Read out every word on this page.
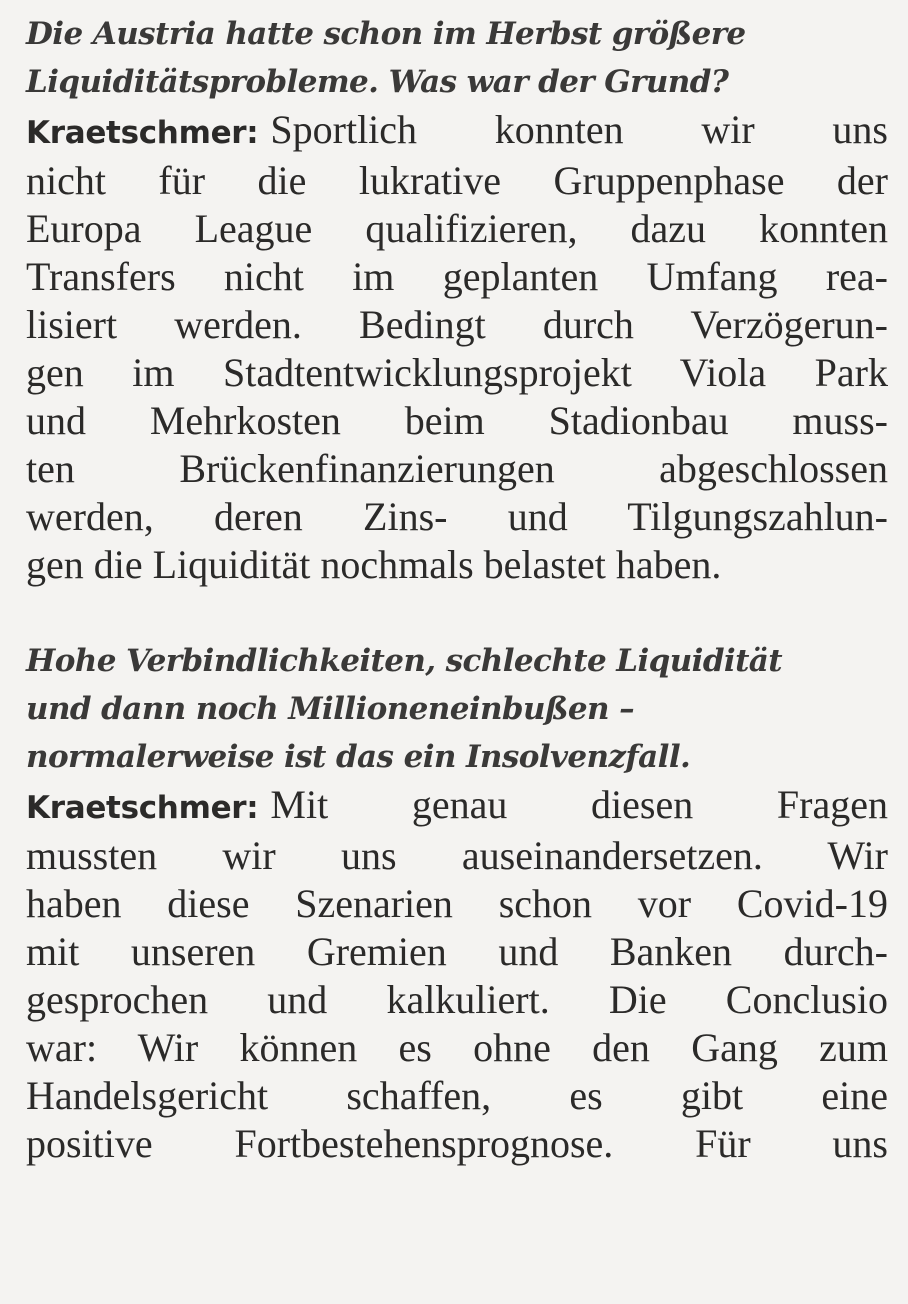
Die Austria hatte schon im Herbst größere
Liquiditätsprobleme. Was war der Grund?

Kraetschmer: Sportlich konnten wir uns
nicht für die lukrative Gruppenphase der
Europa League qualifizieren, dazu konnten
Transfers nicht im geplanten Umfang rea-
lisiert werden. Bedingt durch Verzögerun-
gen im Stadtentwicklungsprojekt Viola Park
und Mehrkosten beim Stadionbau muss-
ten Brückenfinanzierungen abgeschlossen
werden, deren Zins- und Tilgungszahlun-
gen die Liquidität nochmals belastet haben.

Hohe Verbindlichkeiten, schlechte Liquidität
und dann noch Millioneneinbußen –
normalerweise ist das ein Insolvenzfall.

Kraetschmer: Mit genau diesen Fragen
mussten wir uns auseinandersetzen. Wir
haben diese Szenarien schon vor Covid-19
mit unseren Gremien und Banken durch-
gesprochen und kalkuliert. Die Conclusio
war: Wir können es ohne den Gang zum
Handelsgericht schaffen, es gibt eine
positive Fortbestehensprognose. Für uns
